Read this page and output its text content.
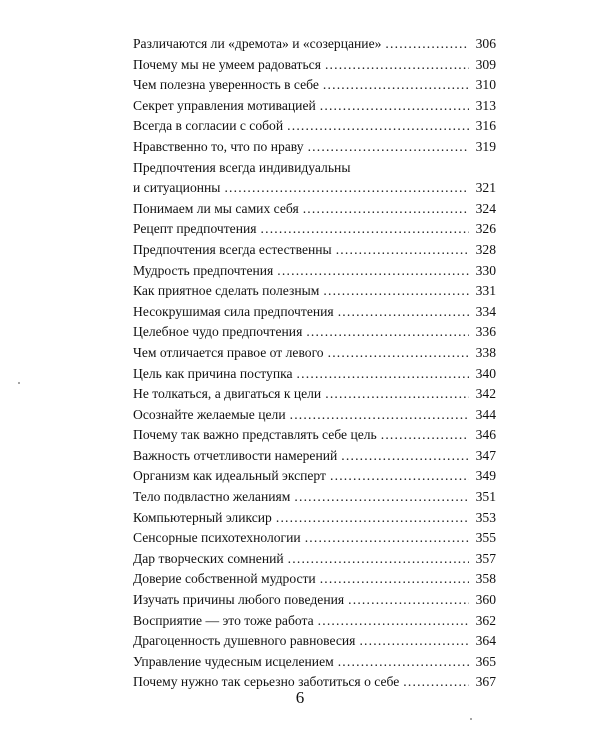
Различаются ли «дремота» и «созерцание» .....	306
Почему мы не умеем радоваться .....	309
Чем полезна уверенность в себе .....	310
Секрет управления мотивацией .....	313
Всегда в согласии с собой .....	316
Нравственно то, что по нраву .....	319
Предпочтения всегда индивидуальны
и ситуационны .....	321
Понимаем ли мы самих себя .....	324
Рецепт предпочтения .....	326
Предпочтения всегда естественны .....	328
Мудрость предпочтения .....	330
Как приятное сделать полезным .....	331
Несокрушимая сила предпочтения .....	334
Целебное чудо предпочтения .....	336
Чем отличается правое от левого .....	338
Цель как причина поступка .....	340
Не толкаться, а двигаться к цели .....	342
Осознайте желаемые цели .....	344
Почему так важно представлять себе цель .....	346
Важность отчетливости намерений .....	347
Организм как идеальный эксперт .....	349
Тело подвластно желаниям .....	351
Компьютерный эликсир .....	353
Сенсорные психотехнологии .....	355
Дар творческих сомнений .....	357
Доверие собственной мудрости .....	358
Изучать причины любого поведения .....	360
Восприятие — это тоже работа .....	362
Драгоценность душевного равновесия .....	364
Управление чудесным исцелением .....	365
Почему нужно так серьезно заботиться о себе .....	367
6
